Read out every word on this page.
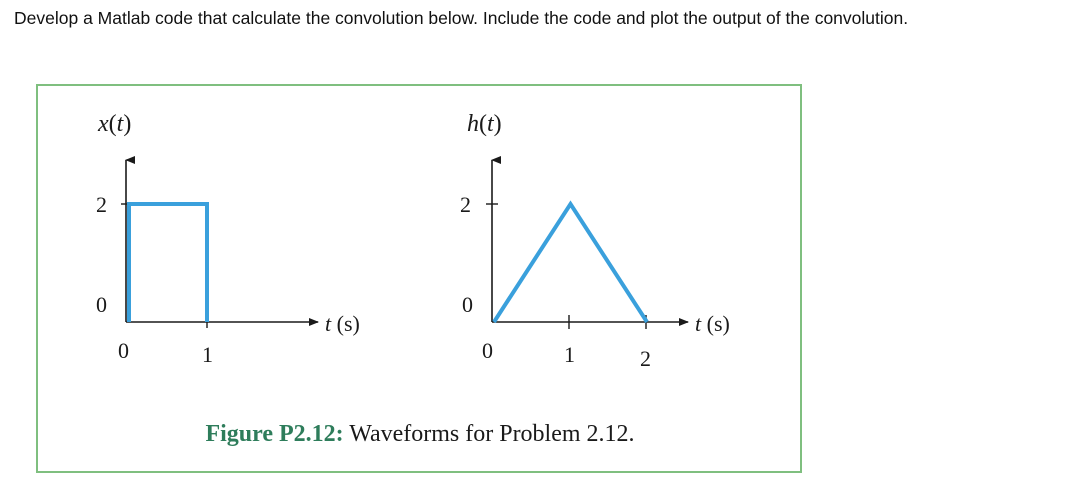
Develop a Matlab code that calculate the convolution below. Include the code and plot the output of the convolution.
x(t)
2
0
0	1
t (s)
h(t)
2
0
0	1	2
t (s)
Figure P2.12: Waveforms for Problem 2.12.
